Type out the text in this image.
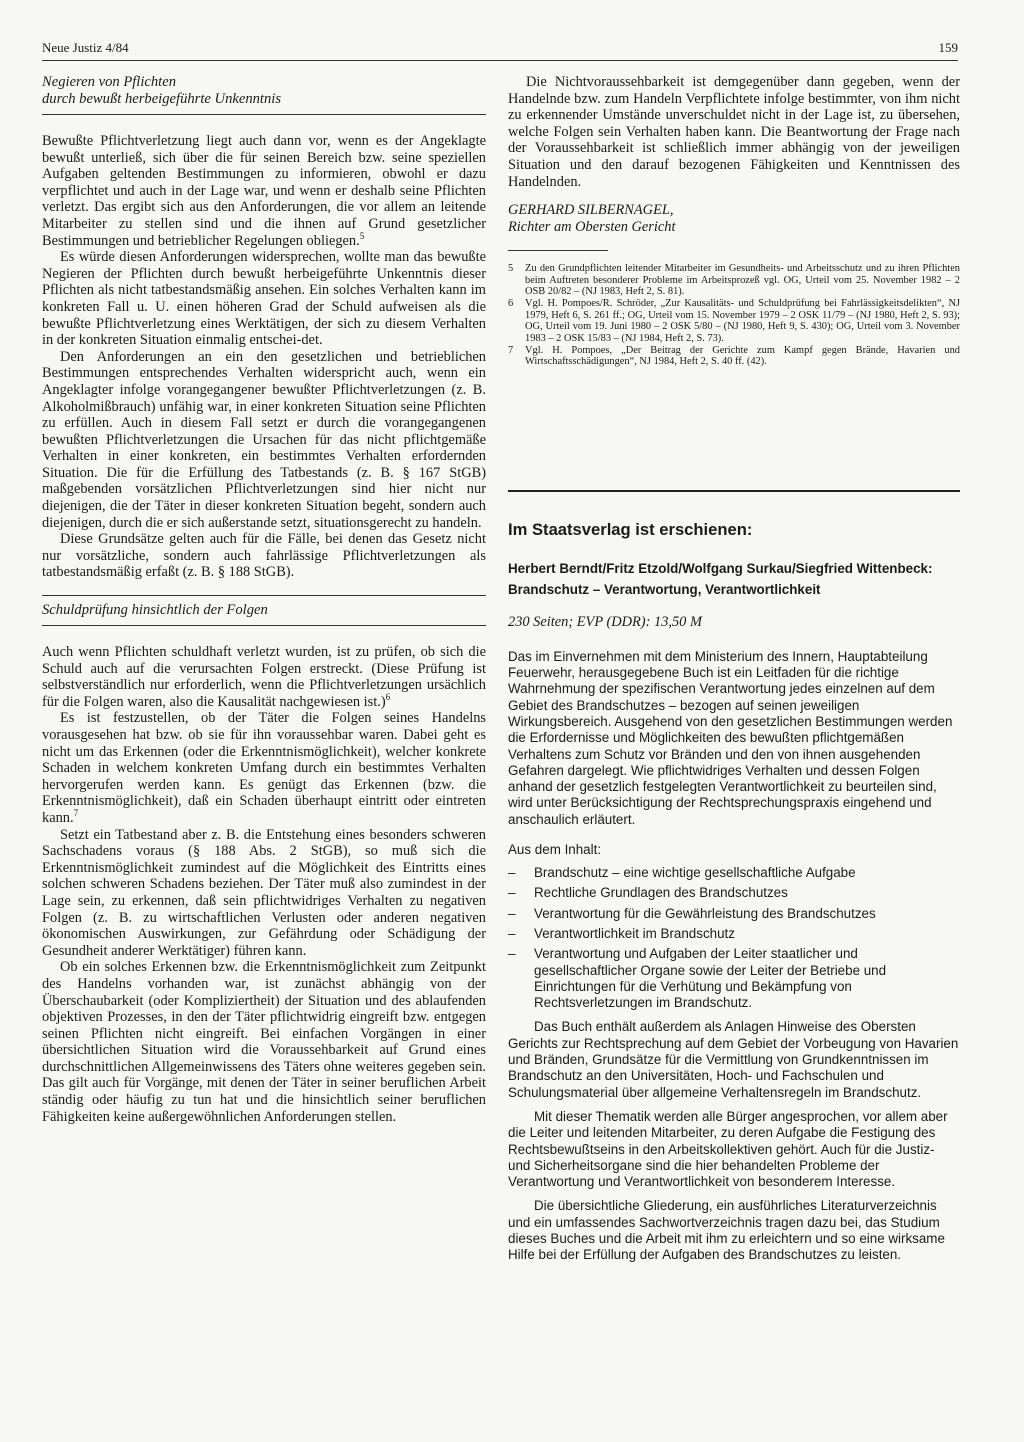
Neue Justiz 4/84	159
Negieren von Pflichten
durch bewußt herbeigeführte Unkenntnis

Bewußte Pflichtverletzung liegt auch dann vor, wenn es der Angeklagte bewußt unterließ, sich über die für seinen Bereich bzw. seine speziellen Aufgaben geltenden Bestimmungen zu informieren, obwohl er dazu verpflichtet und auch in der Lage war, und wenn er deshalb seine Pflichten verletzt. Das ergibt sich aus den Anforderungen, die vor allem an leitende Mitarbeiter zu stellen sind und die ihnen auf Grund gesetzlicher Bestimmungen und betrieblicher Regelungen obliegen.$^5$

Es würde diesen Anforderungen widersprechen, wollte man das bewußte Negieren der Pflichten durch bewußt herbeigeführte Unkenntnis dieser Pflichten als nicht tatbestandsmäßig ansehen. Ein solches Verhalten kann im konkreten Fall u. U. einen höheren Grad der Schuld aufweisen als die bewußte Pflichtverletzung eines Werktätigen, der sich zu diesem Verhalten in der konkreten Situation einmalig entschei-det.

Den Anforderungen an ein den gesetzlichen und betrieblichen Bestimmungen entsprechendes Verhalten widerspricht auch, wenn ein Angeklagter infolge vorangegangener bewußter Pflichtverletzungen (z. B. Alkoholmißbrauch) unfähig war, in einer konkreten Situation seine Pflichten zu erfüllen. Auch in diesem Fall setzt er durch die vorangegangenen bewußten Pflichtverletzungen die Ursachen für das nicht pflichtgemäße Verhalten in einer konkreten, ein bestimmtes Verhalten erfordernden Situation. Die für die Erfüllung des Tatbestands (z. B. § 167 StGB) maßgebenden vorsätzlichen Pflichtverletzungen sind hier nicht nur diejenigen, die der Täter in dieser konkreten Situation begeht, sondern auch diejenigen, durch die er sich außerstande setzt, situationsgerecht zu handeln.

Diese Grundsätze gelten auch für die Fälle, bei denen das Gesetz nicht nur vorsätzliche, sondern auch fahrlässige Pflichtverletzungen als tatbestandsmäßig erfaßt (z. B. § 188 StGB).

Schuldprüfung hinsichtlich der Folgen

Auch wenn Pflichten schuldhaft verletzt wurden, ist zu prüfen, ob sich die Schuld auch auf die verursachten Folgen erstreckt. (Diese Prüfung ist selbstverständlich nur erforderlich, wenn die Pflichtverletzungen ursächlich für die Folgen waren, also die Kausalität nachgewiesen ist.)$^6$

Es ist festzustellen, ob der Täter die Folgen seines Handelns vorausgesehen hat bzw. ob sie für ihn voraussehbar waren. Dabei geht es nicht um das Erkennen (oder die Erkenntnismöglichkeit), welcher konkrete Schaden in welchem konkreten Umfang durch ein bestimmtes Verhalten hervorgerufen werden kann. Es genügt das Erkennen (bzw. die Erkenntnismöglichkeit), daß ein Schaden überhaupt eintritt oder eintreten kann.$^7$

Setzt ein Tatbestand aber z. B. die Entstehung eines besonders schweren Sachschadens voraus (§ 188 Abs. 2 StGB), so muß sich die Erkenntnismöglichkeit zumindest auf die Möglichkeit des Eintritts eines solchen schweren Schadens beziehen. Der Täter muß also zumindest in der Lage sein, zu erkennen, daß sein pflichtwidriges Verhalten zu negativen Folgen (z. B. zu wirtschaftlichen Verlusten oder anderen negativen ökonomischen Auswirkungen, zur Gefährdung oder Schädigung der Gesundheit anderer Werktätiger) führen kann.

Ob ein solches Erkennen bzw. die Erkenntnismöglichkeit zum Zeitpunkt des Handelns vorhanden war, ist zunächst abhängig von der Überschaubarkeit (oder Kompliziertheit) der Situation und des ablaufenden objektiven Prozesses, in den der Täter pflichtwidrig eingreift bzw. entgegen seinen Pflichten nicht eingreift. Bei einfachen Vorgängen in einer übersichtlichen Situation wird die Voraussehbarkeit auf Grund eines durchschnittlichen Allgemeinwissens des Täters ohne weiteres gegeben sein. Das gilt auch für Vorgänge, mit denen der Täter in seiner beruflichen Arbeit ständig oder häufig zu tun hat und die hinsichtlich seiner beruflichen Fähigkeiten keine außergewöhnlichen Anforderungen stellen.

Die Nichtvoraussehbarkeit ist demgegenüber dann gegeben, wenn der Handelnde bzw. zum Handeln Verpflichtete infolge bestimmter, von ihm nicht zu erkennender Umstände unverschuldet nicht in der Lage ist, zu übersehen, welche Folgen sein Verhalten haben kann. Die Beantwortung der Frage nach der Voraussehbarkeit ist schließlich immer abhängig von der jeweiligen Situation und den darauf bezogenen Fähigkeiten und Kenntnissen des Handelnden.

GERHARD SILBERNAGEL,
Richter am Obersten Gericht
5	Zu den Grundpflichten leitender Mitarbeiter im Gesundheits- und Arbeitsschutz und zu ihren Pflichten beim Auftreten besonderer Probleme im Arbeitsprozeß vgl. OG, Urteil vom 25. November 1982 – 2 OSB 20/82 – (NJ 1983, Heft 2, S. 81).
6	Vgl. H. Pompoes/R. Schröder, „Zur Kausalitäts- und Schuldprüfung bei Fahrlässigkeitsdelikten“, NJ 1979, Heft 6, S. 261 ff.; OG, Urteil vom 15. November 1979 – 2 OSK 11/79 – (NJ 1980, Heft 2, S. 93); OG, Urteil vom 19. Juni 1980 – 2 OSK 5/80 – (NJ 1980, Heft 9, S. 430); OG, Urteil vom 3. November 1983 – 2 OSK 15/83 – (NJ 1984, Heft 2, S. 73).
7	Vgl. H. Pompoes, „Der Beitrag der Gerichte zum Kampf gegen Brände, Havarien und Wirtschaftsschädigungen“, NJ 1984, Heft 2, S. 40 ff. (42).
Im Staatsverlag ist erschienen:

Herbert Berndt/Fritz Etzold/Wolfgang Surkau/Siegfried Wittenbeck:

Brandschutz – Verantwortung, Verantwortlichkeit

230 Seiten; EVP (DDR): 13,50 M

Das im Einvernehmen mit dem Ministerium des Innern, Hauptabteilung Feuerwehr, herausgegebene Buch ist ein Leitfaden für die richtige Wahrnehmung der spezifischen Verantwortung jedes einzelnen auf dem Gebiet des Brandschutzes – bezogen auf seinen jeweiligen Wirkungsbereich. Ausgehend von den gesetzlichen Bestimmungen werden die Erfordernisse und Möglichkeiten des bewußten pflichtgemäßen Verhaltens zum Schutz vor Bränden und den von ihnen ausgehenden Gefahren dargelegt. Wie pflichtwidriges Verhalten und dessen Folgen anhand der gesetzlich festgelegten Verantwortlichkeit zu beurteilen sind, wird unter Berücksichtigung der Rechtsprechungspraxis eingehend und anschaulich erläutert.

Aus dem Inhalt:
–	Brandschutz – eine wichtige gesellschaftliche Aufgabe
–	Rechtliche Grundlagen des Brandschutzes
–	Verantwortung für die Gewährleistung des Brandschutzes
–	Verantwortlichkeit im Brandschutz
–	Verantwortung und Aufgaben der Leiter staatlicher und gesellschaftlicher Organe sowie der Leiter der Betriebe und Einrichtungen für die Verhütung und Bekämpfung von Rechtsverletzungen im Brandschutz.

Das Buch enthält außerdem als Anlagen Hinweise des Obersten Gerichts zur Rechtsprechung auf dem Gebiet der Vorbeugung von Havarien und Bränden, Grundsätze für die Vermittlung von Grundkenntnissen im Brandschutz an den Universitäten, Hoch- und Fachschulen und Schulungsmaterial über allgemeine Verhaltensregeln im Brandschutz.

Mit dieser Thematik werden alle Bürger angesprochen, vor allem aber die Leiter und leitenden Mitarbeiter, zu deren Aufgabe die Festigung des Rechtsbewußtseins in den Arbeitskollektiven gehört. Auch für die Justiz- und Sicherheitsorgane sind die hier behandelten Probleme der Verantwortung und Verantwortlichkeit von besonderem Interesse.

Die übersichtliche Gliederung, ein ausführliches Literaturverzeichnis und ein umfassendes Sachwortverzeichnis tragen dazu bei, das Studium dieses Buches und die Arbeit mit ihm zu erleichtern und so eine wirksame Hilfe bei der Erfüllung der Aufgaben des Brandschutzes zu leisten.
